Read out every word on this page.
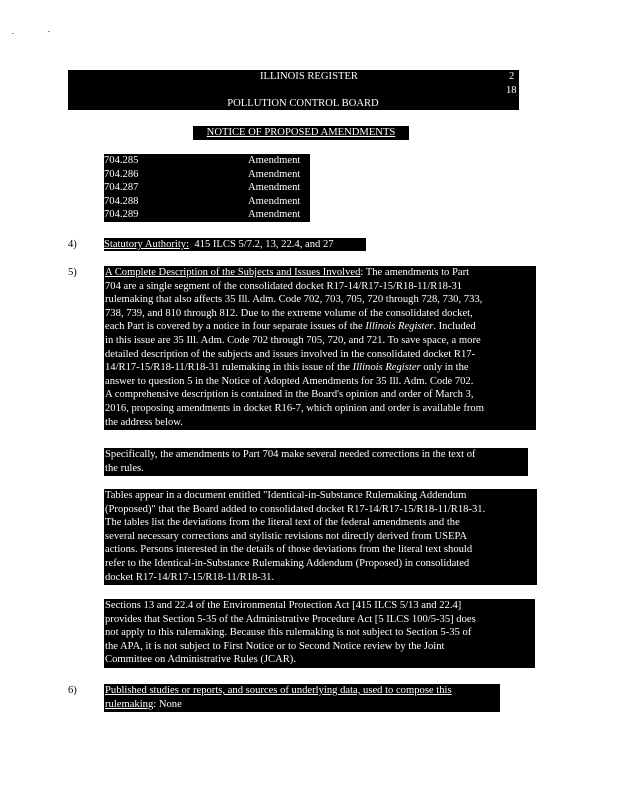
ILLINOIS REGISTER	2
18
POLLUTION CONTROL BOARD
NOTICE OF PROPOSED AMENDMENTS
704.285	Amendment
704.286	Amendment
704.287	Amendment
704.288	Amendment
704.289	Amendment
4)	Statutory Authority: 415 ILCS 5/7.2, 13, 22.4, and 27
5)	A Complete Description of the Subjects and Issues Involved: The amendments to Part
704 are a single segment of the consolidated docket R17-14/R17-15/R18-11/R18-31
rulemaking that also affects 35 Ill. Adm. Code 702, 703, 705, 720 through 728, 730, 733,
738, 739, and 810 through 812. Due to the extreme volume of the consolidated docket,
each Part is covered by a notice in four separate issues of the Illinois Register. Included
in this issue are 35 Ill. Adm. Code 702 through 705, 720, and 721. To save space, a more
detailed description of the subjects and issues involved in the consolidated docket R17-
14/R17-15/R18-11/R18-31 rulemaking in this issue of the Illinois Register only in the
answer to question 5 in the Notice of Adopted Amendments for 35 Ill. Adm. Code 702.
A comprehensive description is contained in the Board's opinion and order of March 3,
2016, proposing amendments in docket R16-7, which opinion and order is available from
the address below.
Specifically, the amendments to Part 704 make several needed corrections in the text of
the rules.
Tables appear in a document entitled "Identical-in-Substance Rulemaking Addendum
(Proposed)" that the Board added to consolidated docket R17-14/R17-15/R18-11/R18-31.
The tables list the deviations from the literal text of the federal amendments and the
several necessary corrections and stylistic revisions not directly derived from USEPA
actions. Persons interested in the details of those deviations from the literal text should
refer to the Identical-in-Substance Rulemaking Addendum (Proposed) in consolidated
docket R17-14/R17-15/R18-11/R18-31.
Sections 13 and 22.4 of the Environmental Protection Act [415 ILCS 5/13 and 22.4]
provides that Section 5-35 of the Administrative Procedure Act [5 ILCS 100/5-35] does
not apply to this rulemaking. Because this rulemaking is not subject to Section 5-35 of
the APA, it is not subject to First Notice or to Second Notice review by the Joint
Committee on Administrative Rules (JCAR).
6)	Published studies or reports, and sources of underlying data, used to compose this
rulemaking: None
